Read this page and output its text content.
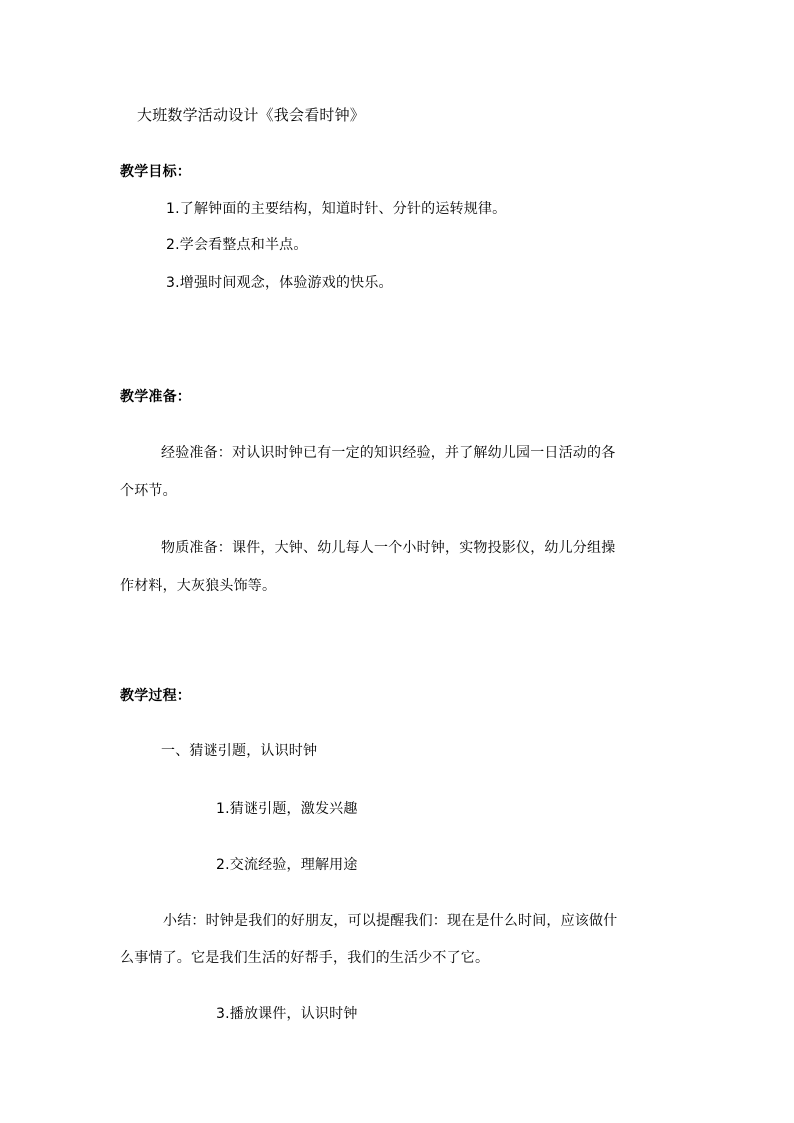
大班数学活动设计《我会看时钟》
教学目标：
1.了解钟面的主要结构，知道时针、分针的运转规律。
2.学会看整点和半点。
3.增强时间观念，体验游戏的快乐。
教学准备：
经验准备：对认识时钟已有一定的知识经验，并了解幼儿园一日活动的各
个环节。
物质准备：课件，大钟、幼儿每人一个小时钟，实物投影仪，幼儿分组操
作材料，大灰狼头饰等。
教学过程：
一、猜谜引题，认识时钟
1.猜谜引题，激发兴趣
2.交流经验，理解用途
小结：时钟是我们的好朋友，可以提醒我们：现在是什么时间，应该做什
么事情了。它是我们生活的好帮手，我们的生活少不了它。
3.播放课件，认识时钟
